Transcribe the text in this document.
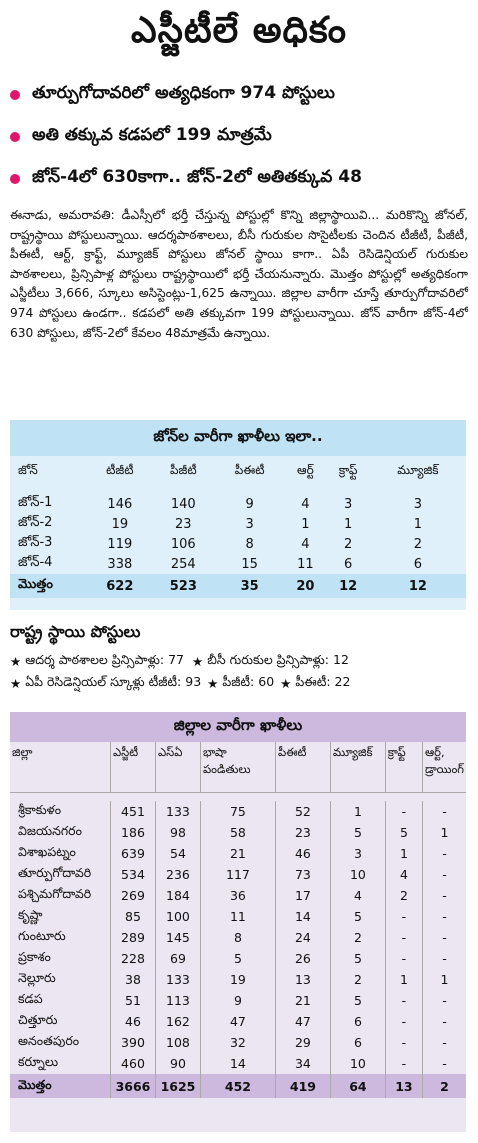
ఎస్జీటీలే అధికం
తూర్పుగోదావరిలో అత్యధికంగా 974 పోస్టులు
అతి తక్కువ కడపలో 199 మాత్రమే
జోన్‌-4లో 630కాగా.. జోన్‌-2లో అతితక్కువ 48
ఈనాడు, అమరావతి: డీఎస్సీలో భర్తీ చేస్తున్న పోస్టుల్లో కొన్ని జిల్లాస్థాయివి... మరికొన్ని జోనల్‌, రాష్ట్రస్థాయి పోస్టులున్నాయి. ఆదర్శపాఠశాలలు, బీసీ గురుకుల సొసైటీలకు చెందిన టీజీటీ, పీజీటీ, పీఈటీ, ఆర్ట్‌, క్రాఫ్ట్‌, మ్యూజిక్‌ పోస్టులు జోనల్‌ స్థాయి కాగా.. ఏపీ రెసిడెన్షియల్‌ గురుకుల పాఠశాలలు, ప్రిన్సిపాళ్ల పోస్టులు రాష్ట్రస్థాయిలో భర్తీ చేయనున్నారు. మొత్తం పోస్టుల్లో అత్యధికంగా ఎస్జీటీలు 3,666, స్కూలు అసిస్టెంట్లు-1,625 ఉన్నాయి. జిల్లాల వారీగా చూస్తే తూర్పుగోదావరిలో 974 పోస్టులు ఉండగా.. కడపలో అతి తక్కువగా 199 పోస్టులున్నాయి. జోన్‌ వారీగా జోన్‌-4లో 630 పోస్టులు, జోన్‌-2లో కేవలం 48మాత్రమే ఉన్నాయి.
జోన్‌ల వారీగా ఖాళీలు ఇలా..
జోన్‌	టీజీటీ	పీజీటీ	పీఈటీ	ఆర్ట్‌	క్రాఫ్ట్‌	మ్యూజిక్‌

జోన్‌-1	146	140	9	4	3	3
జోన్‌-2	19	23	3	1	1	1
జోన్‌-3	119	106	8	4	2	2
జోన్‌-4	338	254	15	11	6	6
మొత్తం	622	523	35	20	12	12
రాష్ట్ర స్థాయి పోస్టులు
★ ఆదర్శ పాఠశాలల ప్రిన్సిపాళ్లు: 77 ★ బీసీ గురుకుల ప్రిన్సిపాళ్లు: 12
★ ఏపీ రెసిడెన్షియల్‌ స్కూళ్లు టీజీటీ: 93 ★ పీజీటీ: 60 ★ పీఈటీ: 22
జిల్లాల వారీగా ఖాళీలు
జిల్లా	ఎస్జీటీ	ఎస్‌ఏ	భాషా పండితులు	పీఈటీ	మ్యూజిక్‌	క్రాఫ్ట్‌	ఆర్ట్‌, డ్రాయింగ్‌

శ్రీకాకుళం	451	133	75	52	1	-	-
విజయనగరం	186	98	58	23	5	5	1
విశాఖపట్నం	639	54	21	46	3	1	-
తూర్పుగోదావరి	534	236	117	73	10	4	-
పశ్చిమగోదావరి	269	184	36	17	4	2	-
కృష్ణా	85	100	11	14	5	-	-
గుంటూరు	289	145	8	24	2	-	-
ప్రకాశం	228	69	5	26	5	-	-
నెల్లూరు	38	133	19	13	2	1	1
కడప	51	113	9	21	5	-	-
చిత్తూరు	46	162	47	47	6	-	-
అనంతపురం	390	108	32	29	6	-	-
కర్నూలు	460	90	14	34	10	-	-
మొత్తం	3666	1625	452	419	64	13	2
